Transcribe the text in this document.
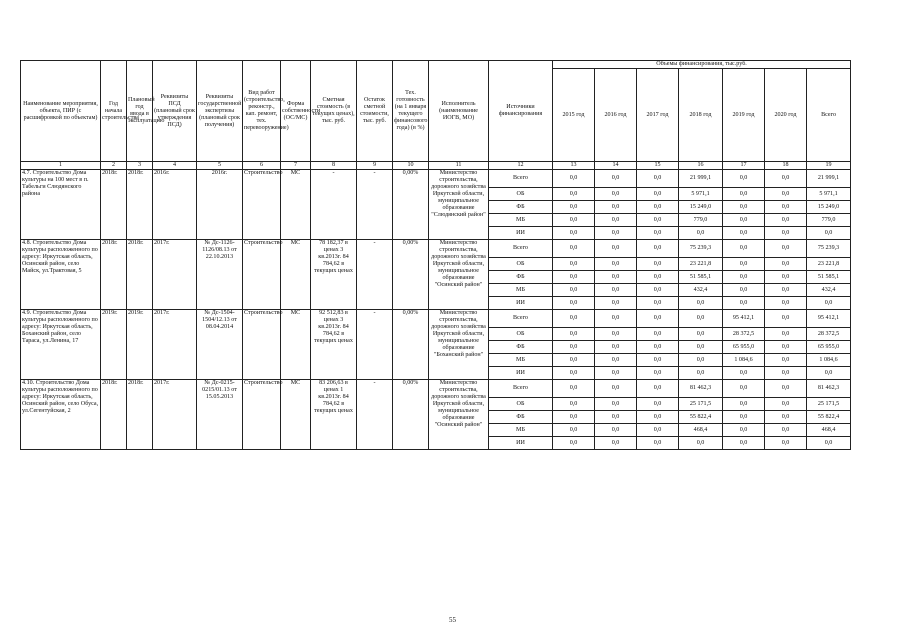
Наименование мероприятия, объекта, ПИР (с расшифровкой по объектам)	Год начала строительства	Плановый год ввода в эксплуатацию	Реквизиты ПСД (плановый срок утверждения ПСД)	Реквизиты государственной экспертизы (плановый срок получения)	Вид работ (строительство, реконстр., кап. ремонт, тех. перевооружение)	Форма собственности (ОС/МС)	Сметная стоимость (в текущих ценах), тыс. руб.	Остаток сметной стоимости, тыс. руб.	Тех. готовность (на 1 января текущего финансового года) (в %)	Исполнитель (наименование ИОГВ, МО)	Источники финансирования	Объемы финансирования, тыс.руб.						
												2015 год	2016 год	2017 год	2018 год	2019 год	2020 год	Всего
1	2	3	4	5	6	7	8	9	10	11	12	13	14	15	16	17	18	19
4.7. Строительство Дома культуры на 100 мест в п. Табельги Слюдянского района	2018г.	2018г.	2016г.	2016г.	Строительство	МС	-	-	0,00%	Министерство строительства, дорожного хозяйства Иркутской области, муниципальное образование "Слюдянский район"	Всего	0,0	0,0	0,0	21 999,1	0,0	0,0	21 999,1
											ОБ	0,0	0,0	0,0	5 971,1	0,0	0,0	5 971,1
											ФБ	0,0	0,0	0,0	15 249,0	0,0	0,0	15 249,0
											МБ	0,0	0,0	0,0	779,0	0,0	0,0	779,0
											ИИ	0,0	0,0	0,0	0,0	0,0	0,0	0,0
4.8. Строительство Дома культуры расположенного по адресу: Иркутская область, Осинский район, село Майск, ул.Трактовая, 5	2018г.	2018г.	2017г.	№ Дс-1126-1126/08.13 от 22.10.2013	Строительство	МС	78 182,37 в ценах 3 кв.2013г. 84 784,62 в текущих ценах	-	0,00%	Министерство строительства, дорожного хозяйства Иркутской области, муниципальное образование "Осинский район"	Всего	0,0	0,0	0,0	75 239,3	0,0	0,0	75 239,3
											ОБ	0,0	0,0	0,0	23 221,8	0,0	0,0	23 221,8
											ФБ	0,0	0,0	0,0	51 585,1	0,0	0,0	51 585,1
											МБ	0,0	0,0	0,0	432,4	0,0	0,0	432,4
											ИИ	0,0	0,0	0,0	0,0	0,0	0,0	0,0
4.9. Строительство Дома культуры расположенного по адресу: Иркутская область, Боханский район, село Тараса, ул.Ленина, 17	2019г.	2019г.	2017г.	№ Дс-1504-1504/12.13 от 08.04.2014	Строительство	МС	92 512,83 в ценах 3 кв.2013г. 84 784,62 в текущих ценах	-	0,00%	Министерство строительства, дорожного хозяйства Иркутской области, муниципальное образование "Боханский район"	Всего	0,0	0,0	0,0	0,0	95 412,1	0,0	95 412,1
											ОБ	0,0	0,0	0,0	0,0	28 372,5	0,0	28 372,5
											ФБ	0,0	0,0	0,0	0,0	65 955,0	0,0	65 955,0
											МБ	0,0	0,0	0,0	0,0	1 084,6	0,0	1 084,6
											ИИ	0,0	0,0	0,0	0,0	0,0	0,0	0,0
4.10. Строительство Дома культуры расположенного по адресу: Иркутская область, Осинский район, село Обуса, ул.Сегентуйская, 2	2018г.	2018г.	2017г.	№ Дс-0215-0215/01.13 от 15.05.2013	Строительство	МС	83 206,63 в ценах 1 кв.2013г. 84 784,62 в текущих ценах	-	0,00%	Министерство строительства, дорожного хозяйства Иркутской области, муниципальное образование "Осинский район"	Всего	0,0	0,0	0,0	81 462,3	0,0	0,0	81 462,3
											ОБ	0,0	0,0	0,0	25 171,5	0,0	0,0	25 171,5
											ФБ	0,0	0,0	0,0	55 822,4	0,0	0,0	55 822,4
											МБ	0,0	0,0	0,0	468,4	0,0	0,0	468,4
											ИИ	0,0	0,0	0,0	0,0	0,0	0,0	0,0
55
